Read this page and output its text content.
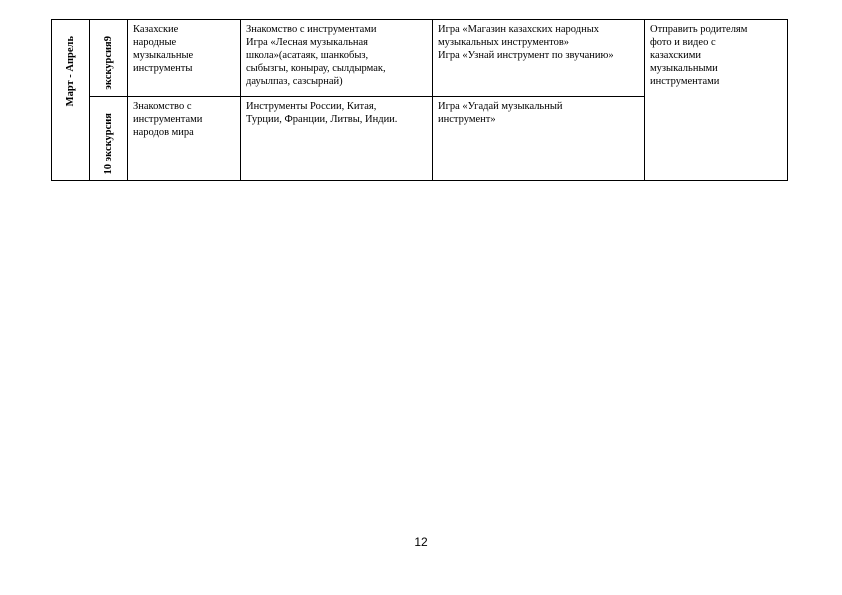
Март - Апрель	экскурсия9	Казахские
народные
музыкальные
инструменты	Знакомство с инструментами
Игра «Лесная музыкальная
школа»(асатаяк, шанкобыз,
сыбызгы, конырау, сылдырмак,
дауылпаз, сазсырнай)	Игра «Магазин казахских народных
музыкальных инструментов»
Игра «Узнай инструмент по звучанию»	Отправить родителям
фото и видео с
казахскими
музыкальными
инструментами

10 экскурсия	Знакомство с
инструментами
народов мира	Инструменты России, Китая,
Турции, Франции, Литвы, Индии.	Игра «Угадай музыкальный
инструмент»	
12
